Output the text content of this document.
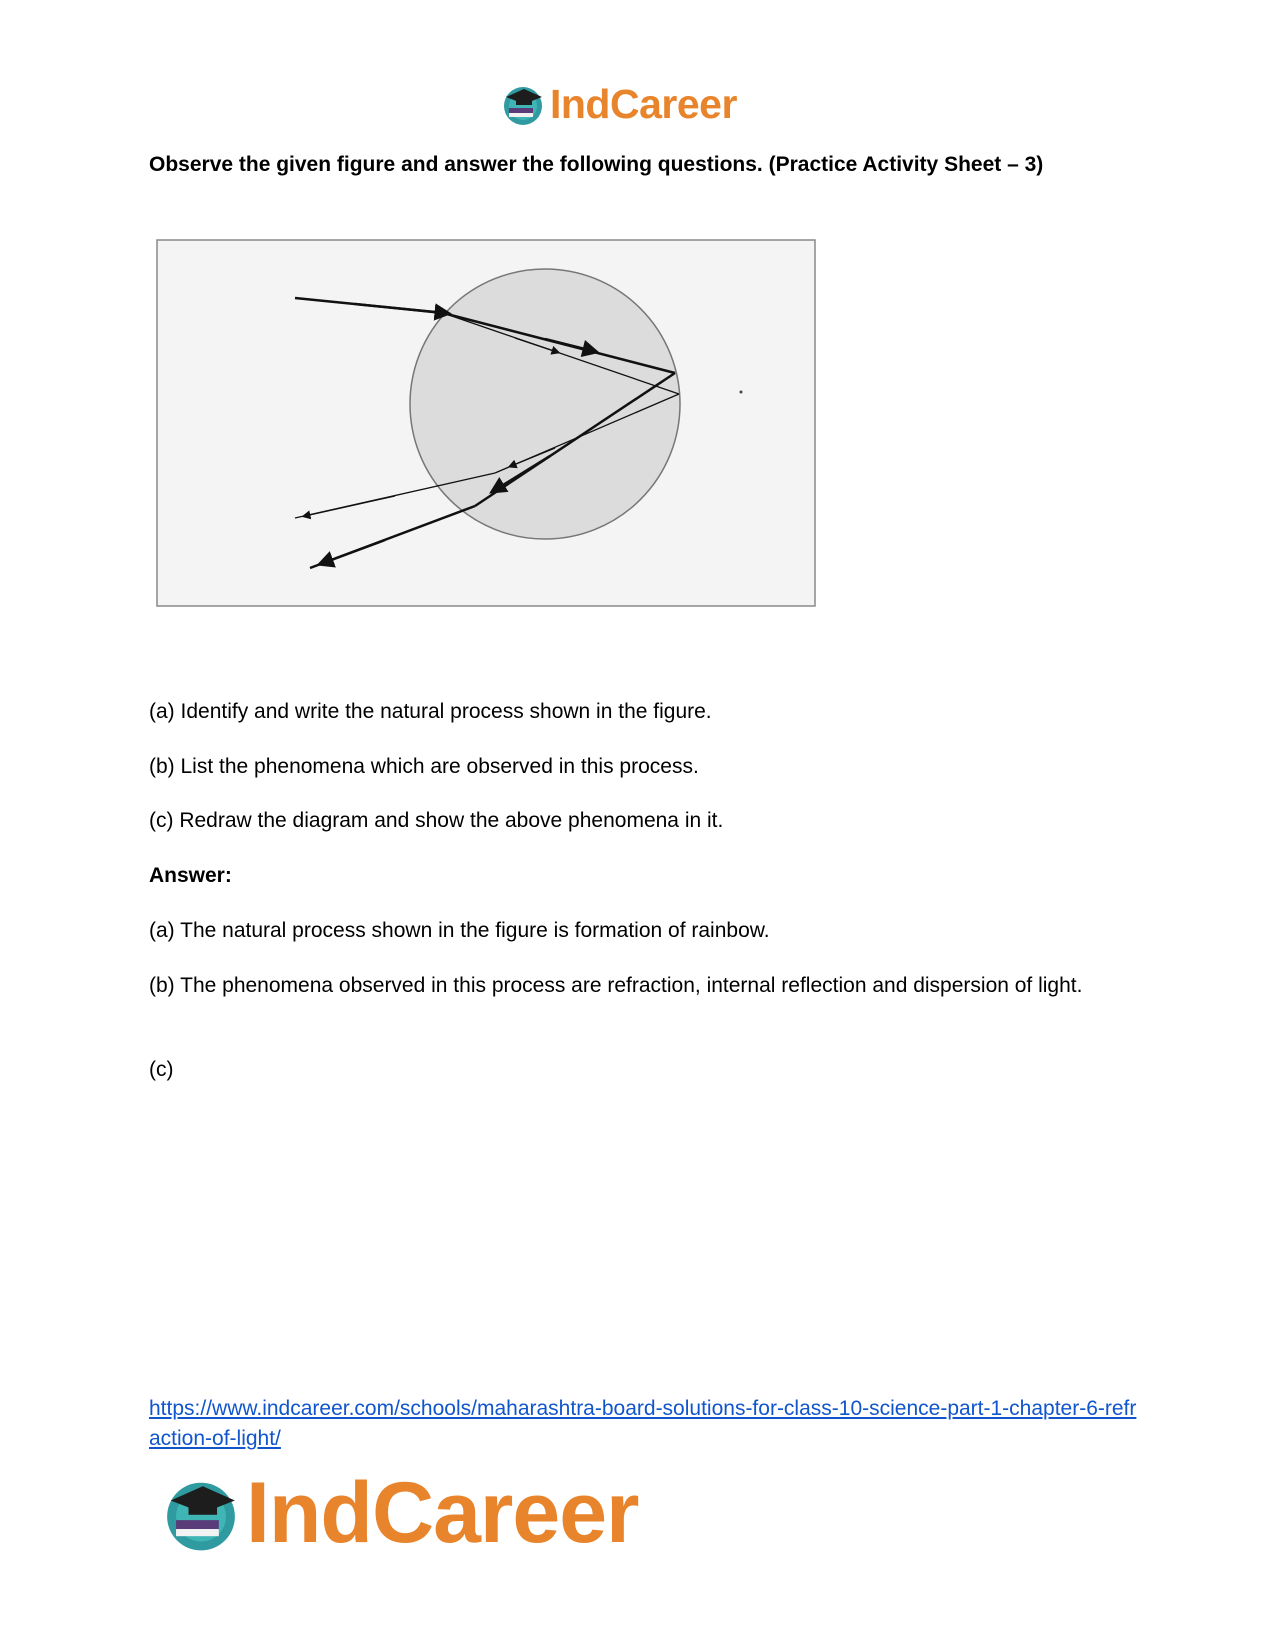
IndCareer
Observe the given figure and answer the following questions. (Practice Activity Sheet – 3)
(a) Identify and write the natural process shown in the figure.
(b) List the phenomena which are observed in this process.
(c) Redraw the diagram and show the above phenomena in it.
Answer:
(a) The natural process shown in the figure is formation of rainbow.
(b) The phenomena observed in this process are refraction, internal reflection and dispersion of light.
(c)
https://www.indcareer.com/schools/maharashtra-board-solutions-for-class-10-science-part-1-chapter-6-refraction-of-light/
IndCareer
